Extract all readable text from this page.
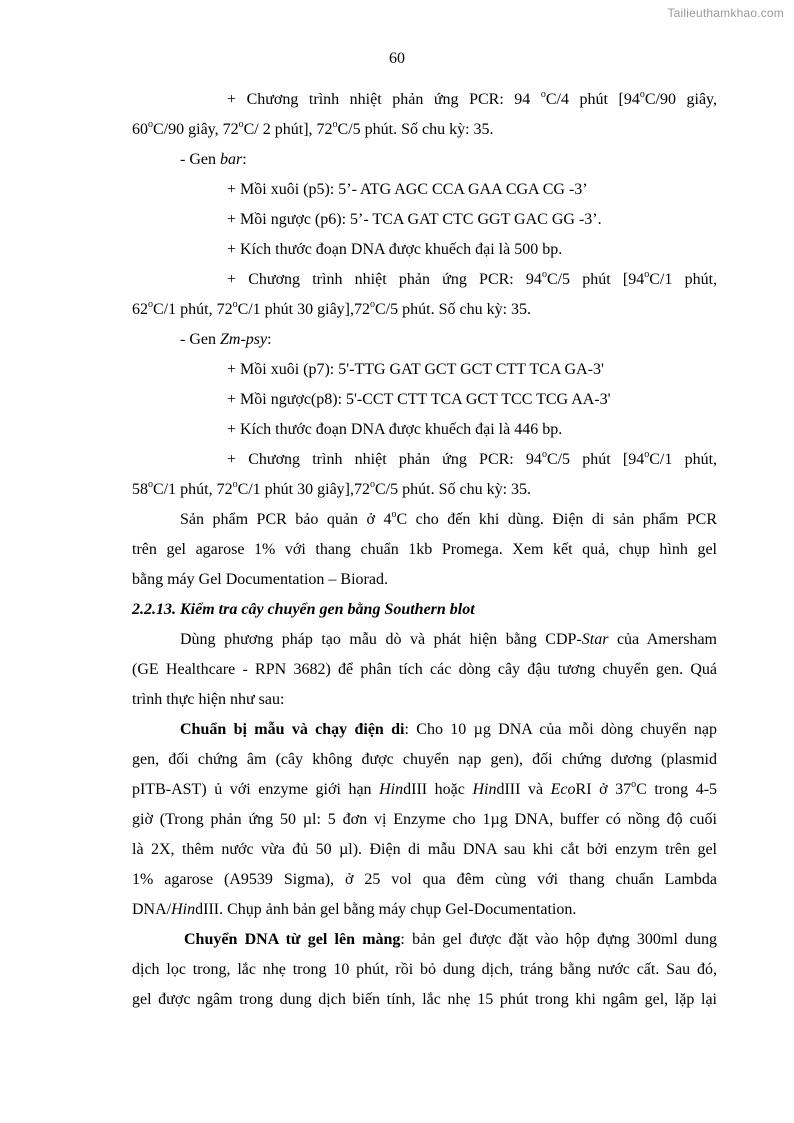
Tailieuthamkhao.com
60
+ Chương trình nhiệt phản ứng PCR: 94 $^o$C/4 phút [94$^o$C/90 giây,
60$^o$C/90 giây, 72$^o$C/ 2 phút], 72$^o$C/5 phút. Số chu kỳ: 35.
- Gen bar:
+ Mồi xuôi (p5): 5’- ATG AGC CCA GAA CGA CG -3’
+ Mồi ngược (p6): 5’- TCA GAT CTC GGT GAC GG -3’.
+ Kích thước đoạn DNA được khuếch đại là 500 bp.
+ Chương trình nhiệt phản ứng PCR: 94$^o$C/5 phút [94$^o$C/1 phút,
62$^o$C/1 phút, 72$^o$C/1 phút 30 giây],72$^o$C/5 phút. Số chu kỳ: 35.
- Gen Zm-psy:
+ Mồi xuôi (p7): 5'-TTG GAT GCT GCT CTT TCA GA-3'
+ Mồi ngược(p8): 5'-CCT CTT TCA GCT TCC TCG AA-3'
+ Kích thước đoạn DNA được khuếch đại là 446 bp.
+ Chương trình nhiệt phản ứng PCR: 94$^o$C/5 phút [94$^o$C/1 phút,
58$^o$C/1 phút, 72$^o$C/1 phút 30 giây],72$^o$C/5 phút. Số chu kỳ: 35.
Sản phẩm PCR bảo quản ở 4$^o$C cho đến khi dùng. Điện di sản phẩm PCR
trên gel agarose 1% với thang chuẩn 1kb Promega. Xem kết quả, chụp hình gel
bằng máy Gel Documentation – Biorad.
2.2.13. Kiểm tra cây chuyển gen bằng Southern blot
Dùng phương pháp tạo mẫu dò và phát hiện bằng CDP-Star của Amersham
(GE Healthcare - RPN 3682) để phân tích các dòng cây đậu tương chuyển gen. Quá
trình thực hiện như sau:
Chuẩn bị mẫu và chạy điện di: Cho 10 µg DNA của mỗi dòng chuyển nạp
gen, đối chứng âm (cây không được chuyển nạp gen), đối chứng dương (plasmid
pITB-AST) ủ với enzyme giới hạn HindIII hoặc HindIII và EcoRI ở 37$^o$C trong 4-5
giờ (Trong phản ứng 50 µl: 5 đơn vị Enzyme cho 1µg DNA, buffer có nồng độ cuối
là 2X, thêm nước vừa đủ 50 µl). Điện di mẫu DNA sau khi cắt bởi enzym trên gel
1% agarose (A9539 Sigma), ở 25 vol qua đêm cùng với thang chuẩn Lambda
DNA/HindIII. Chụp ảnh bản gel bằng máy chụp Gel-Documentation.
Chuyển DNA từ gel lên màng: bản gel được đặt vào hộp đựng 300ml dung
dịch lọc trong, lắc nhẹ trong 10 phút, rồi bỏ dung dịch, tráng bằng nước cất. Sau đó,
gel được ngâm trong dung dịch biến tính, lắc nhẹ 15 phút trong khi ngâm gel, lặp lại
